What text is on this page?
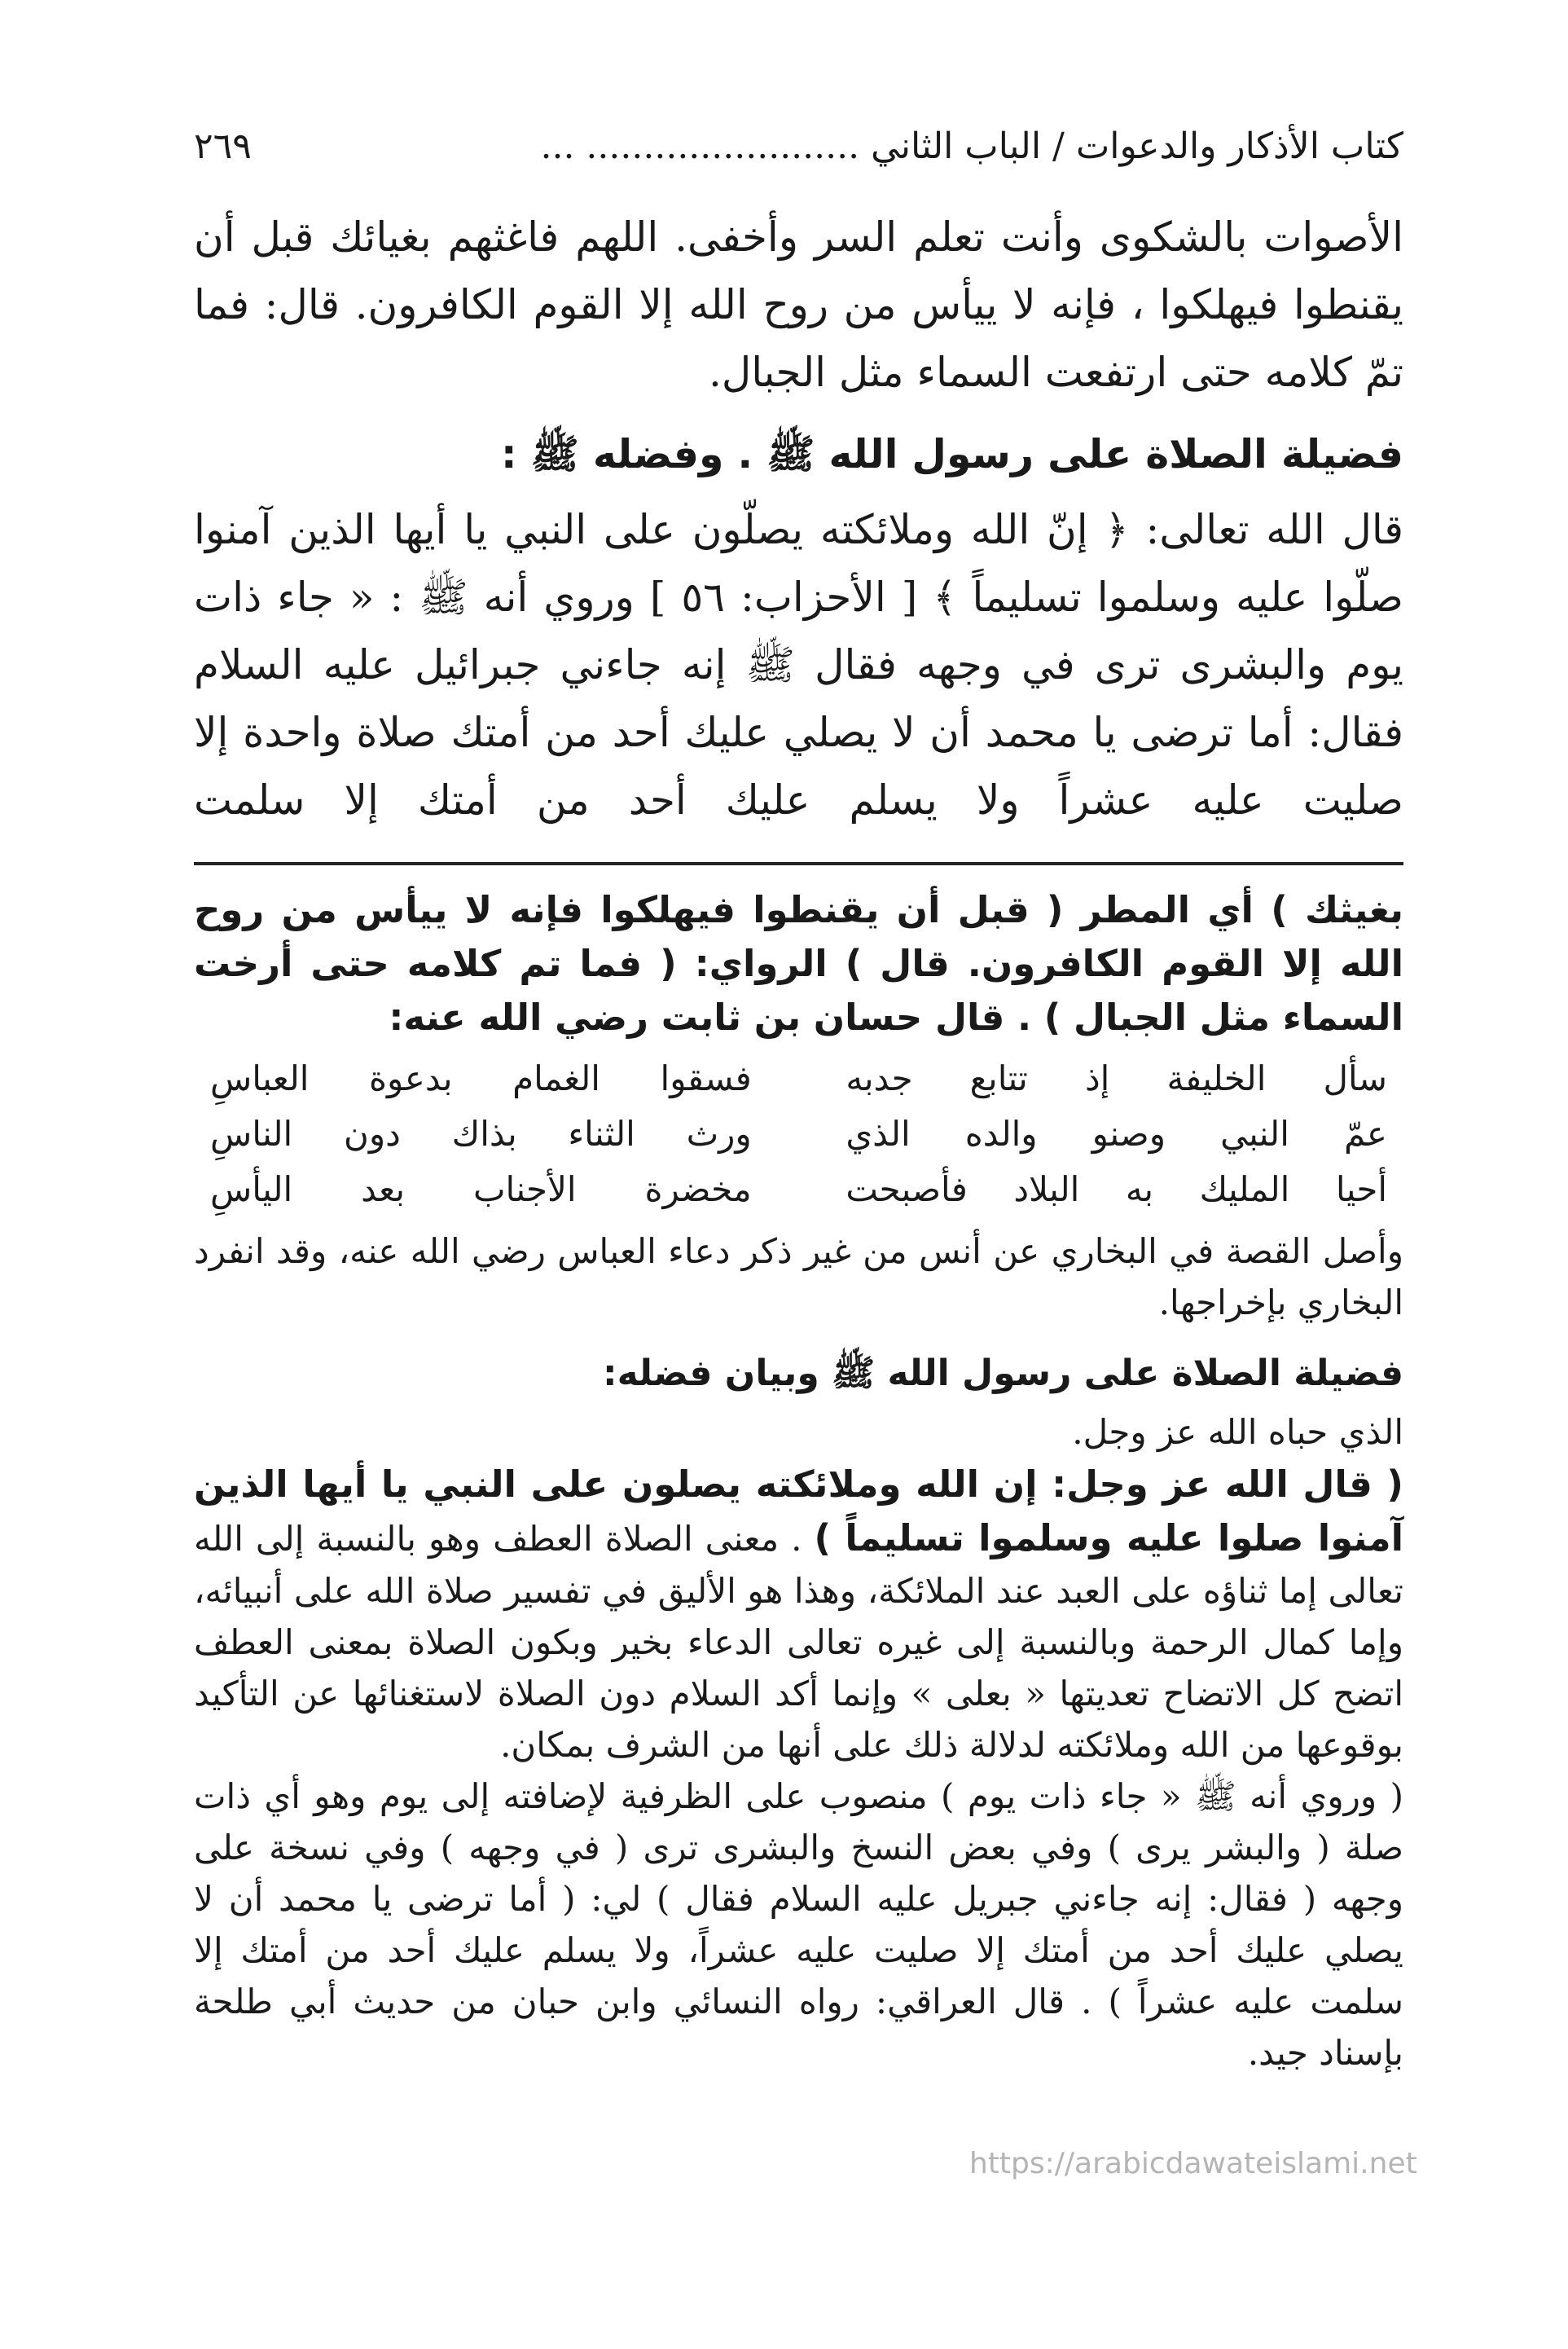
كتاب الأذكار والدعوات / الباب الثاني ........................ ...
٢٦٩

الأصوات بالشكوى وأنت تعلم السر وأخفى. اللهم فاغثهم بغيائك قبل أن يقنطوا فيهلكوا ، فإنه لا ييأس من روح الله إلا القوم الكافرون. قال: فما تمّ كلامه حتى ارتفعت السماء مثل الجبال.

فضيلة الصلاة على رسول الله ﷺ . وفضله ﷺ :

قال الله تعالى: ﴿ إنّ الله وملائكته يصلّون على النبي يا أيها الذين آمنوا صلّوا عليه وسلموا تسليماً ﴾ [ الأحزاب: ٥٦ ] وروي أنه ﷺ : « جاء ذات يوم والبشرى ترى في وجهه فقال ﷺ إنه جاءني جبرائيل عليه السلام فقال: أما ترضى يا محمد أن لا يصلي عليك أحد من أمتك صلاة واحدة إلا صليت عليه عشراً ولا يسلم عليك أحد من أمتك إلا سلمت

بغيثك ) أي المطر ( قبل أن يقنطوا فيهلكوا فإنه لا ييأس من روح الله إلا القوم الكافرون. قال ) الرواي: ( فما تم كلامه حتى أرخت السماء مثل الجبال ) . قال حسان بن ثابت رضي الله عنه:

سأل الخليفة إذ تتابع جدبه
فسقوا الغمام بدعوة العباسِ
عمّ النبي وصنو والده الذي
ورث الثناء بذاك دون الناسِ
أحيا المليك به البلاد فأصبحت
مخضرة الأجناب بعد اليأسِ

وأصل القصة في البخاري عن أنس من غير ذكر دعاء العباس رضي الله عنه، وقد انفرد البخاري بإخراجها.

فضيلة الصلاة على رسول الله ﷺ وبيان فضله:

الذي حباه الله عز وجل.

( قال الله عز وجل: إن الله وملائكته يصلون على النبي يا أيها الذين آمنوا صلوا عليه وسلموا تسليماً ) . معنى الصلاة العطف وهو بالنسبة إلى الله تعالى إما ثناؤه على العبد عند الملائكة، وهذا هو الأليق في تفسير صلاة الله على أنبيائه، وإما كمال الرحمة وبالنسبة إلى غيره تعالى الدعاء بخير وبكون الصلاة بمعنى العطف اتضح كل الاتضاح تعديتها « بعلى » وإنما أكد السلام دون الصلاة لاستغنائها عن التأكيد بوقوعها من الله وملائكته لدلالة ذلك على أنها من الشرف بمكان.

( وروي أنه ﷺ « جاء ذات يوم ) منصوب على الظرفية لإضافته إلى يوم وهو أي ذات صلة ( والبشر يرى ) وفي بعض النسخ والبشرى ترى ( في وجهه ) وفي نسخة على وجهه ( فقال: إنه جاءني جبريل عليه السلام فقال ) لي: ( أما ترضى يا محمد أن لا يصلي عليك أحد من أمتك إلا صليت عليه عشراً، ولا يسلم عليك أحد من أمتك إلا سلمت عليه عشراً ) . قال العراقي: رواه النسائي وابن حبان من حديث أبي طلحة بإسناد جيد.

https://arabicdawateislami.net
